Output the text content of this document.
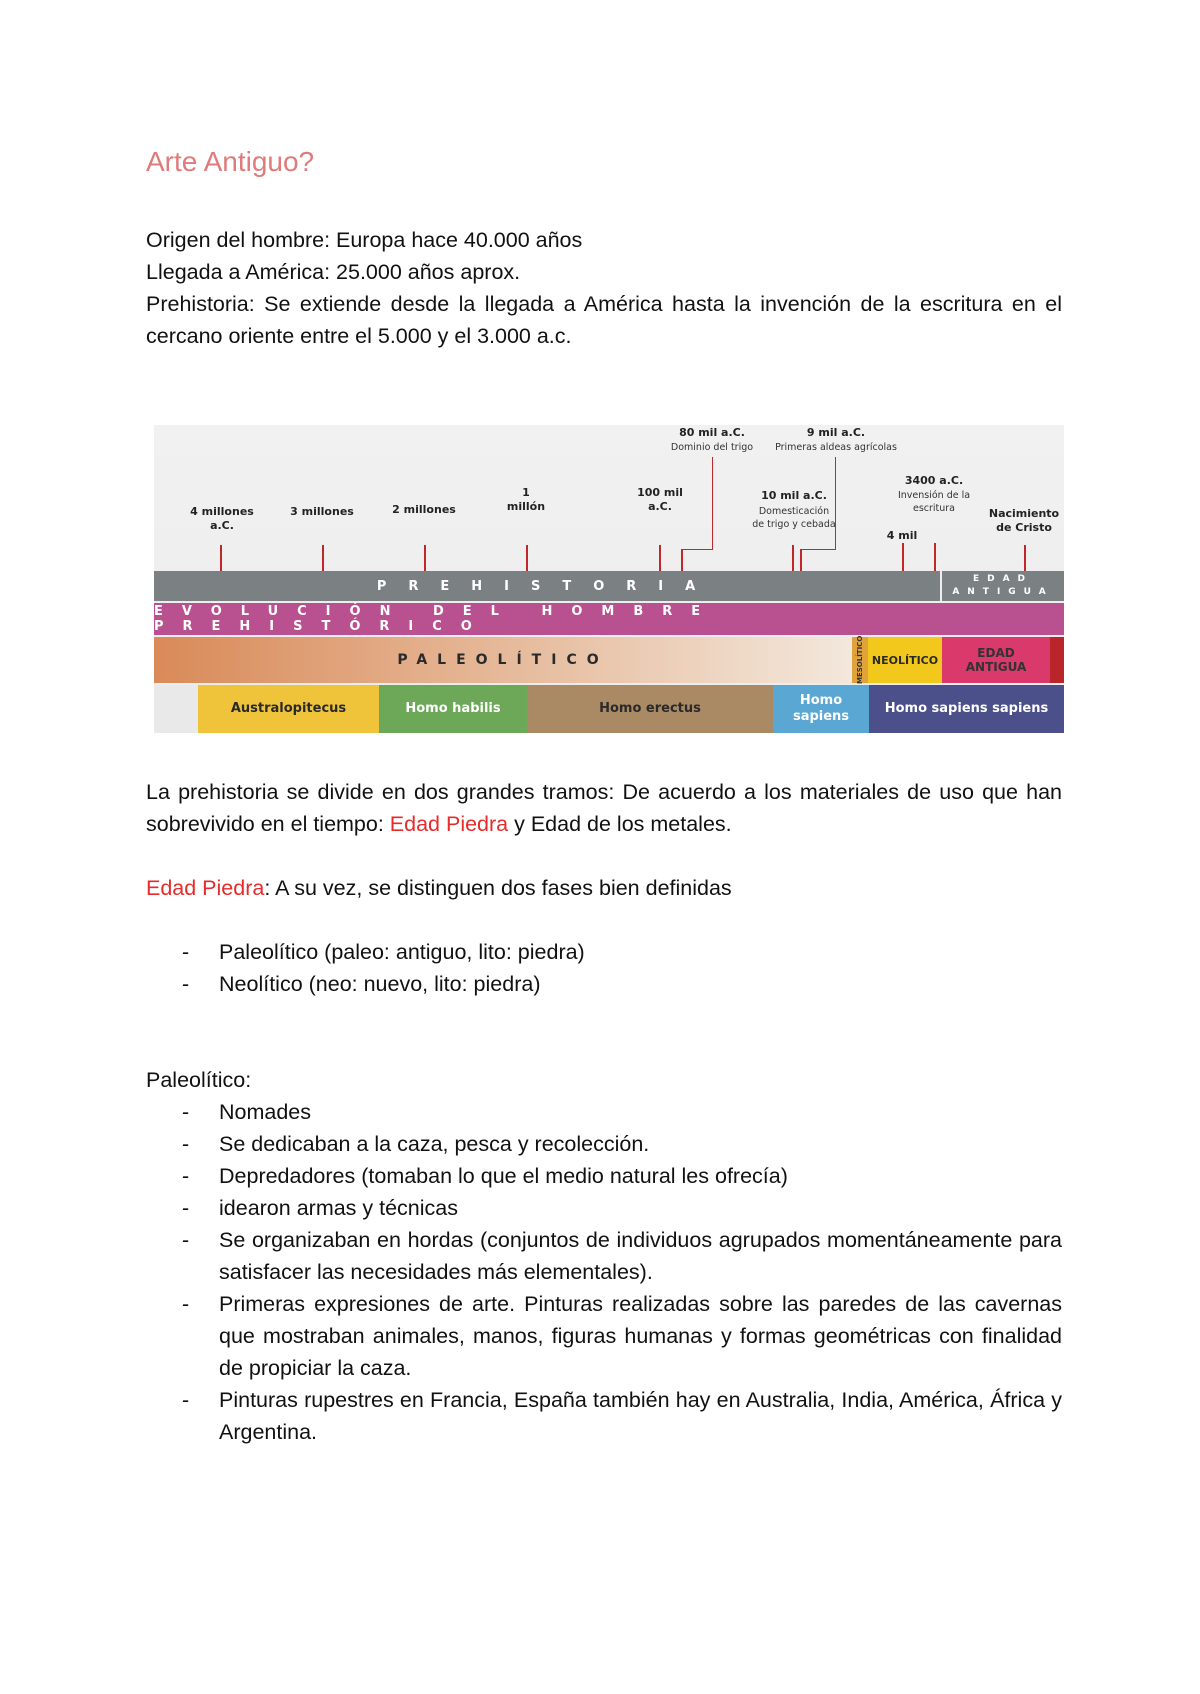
Arte Antiguo?
Origen del hombre: Europa hace 40.000 años
Llegada a América: 25.000 años aprox.
Prehistoria: Se extiende desde la llegada a América hasta la invención de la escritura en el cercano oriente entre el 5.000 y el 3.000 a.c.
4 millones
a.C.
3 millones	2 millones
1
millón
100 mil
a.C.
80 mil a.C.
Dominio del trigo
9 mil a.C.
Primeras aldeas agrícolas
10 mil a.C.
Domesticación
de trigo y cebada
4 mil
3400 a.C.
Invensión de la
escritura	Nacimiento
de Cristo
PREHISTORIA	EDAD
ANTIGUA
EVOLUCIÓN DEL HOMBRE PREHISTÓRICO
PALEOLÍTICO	MESOLÍTICO NEOLÍTICO	EDAD
ANTIGUA
Australopitecus	Homo habilis	Homo erectus
Homo
sapiens
Homo sapiens sapiens
La prehistoria se divide en dos grandes tramos: De acuerdo a los materiales de uso que han sobrevivido en el tiempo: Edad Piedra y Edad de los metales.
Edad Piedra: A su vez, se distinguen dos fases bien definidas
- Paleolítico (paleo: antiguo, lito: piedra)
- Neolítico (neo: nuevo, lito: piedra)
Paleolítico:
- Nomades
- Se dedicaban a la caza, pesca y recolección.
- Depredadores (tomaban lo que el medio natural les ofrecía)
- idearon armas y técnicas
- Se organizaban en hordas (conjuntos de individuos agrupados momentáneamente para satisfacer las necesidades más elementales).
- Primeras expresiones de arte. Pinturas realizadas sobre las paredes de las cavernas que mostraban animales, manos, figuras humanas y formas geométricas con finalidad de propiciar la caza.
- Pinturas rupestres en Francia, España también hay en Australia, India, América, África y Argentina.
